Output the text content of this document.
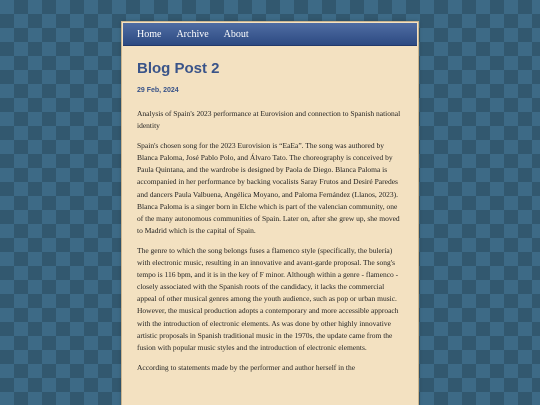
Home	Archive	About
Blog Post 2
29 Feb, 2024

Analysis of Spain's 2023 performance at Eurovision and connection to Spanish national identity

Spain's chosen song for the 2023 Eurovision is “EaEa”. The song was authored by Blanca Paloma, José Pablo Polo, and Álvaro Tato. The choreography is conceived by Paula Quintana, and the wardrobe is designed by Paola de Diego. Blanca Paloma is accompanied in her performance by backing vocalists Saray Frutos and Desiré Paredes and dancers Paula Valbuena, Angélica Moyano, and Paloma Fernández (Llanos, 2023). Blanca Paloma is a singer born in Elche which is part of the valencian community, one of the many autonomous communities of Spain. Later on, after she grew up, she moved to Madrid which is the capital of Spain.

The genre to which the song belongs fuses a flamenco style (specifically, the bulería) with electronic music, resulting in an innovative and avant-garde proposal. The song's tempo is 116 bpm, and it is in the key of F minor. Although within a genre - flamenco - closely associated with the Spanish roots of the candidacy, it lacks the commercial appeal of other musical genres among the youth audience, such as pop or urban music. However, the musical production adopts a contemporary and more accessible approach with the introduction of electronic elements. As was done by other highly innovative artistic proposals in Spanish traditional music in the 1970s, the update came from the fusion with popular music styles and the introduction of electronic elements.

According to statements made by the performer and author herself in the
